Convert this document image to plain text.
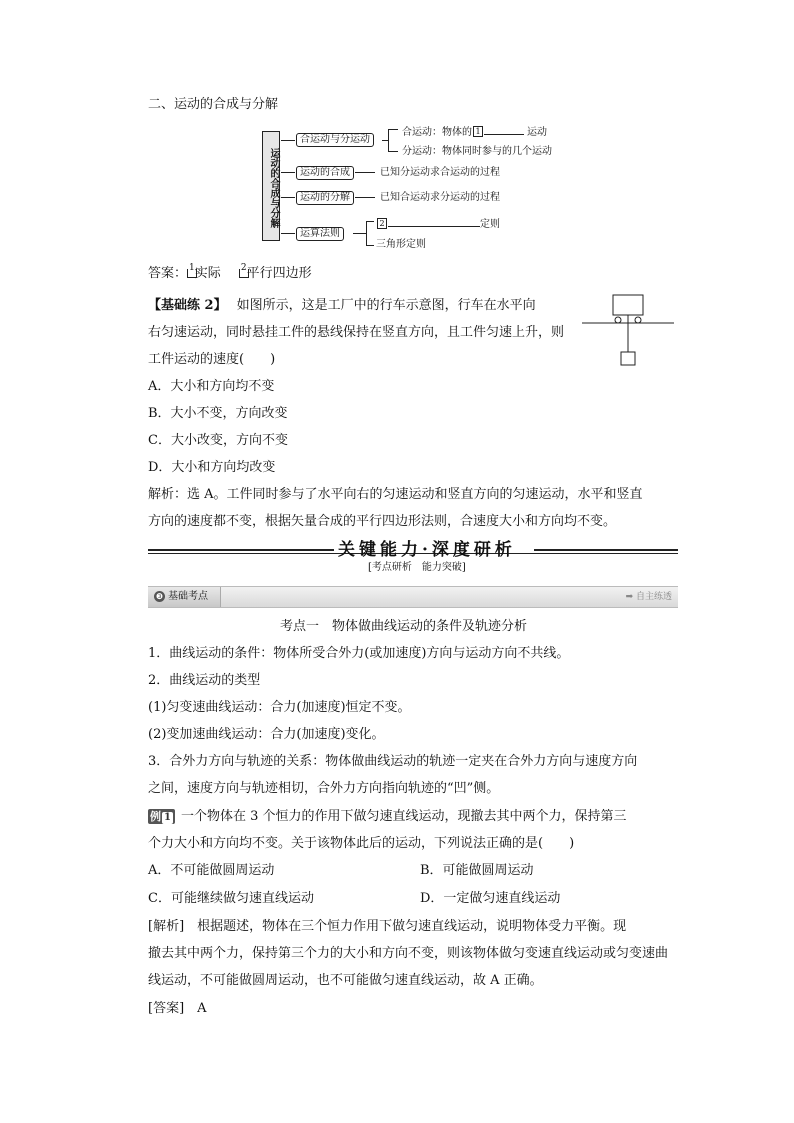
二、运动的合成与分解
运动的合成与分解
合运动与分运动
运动的合成
运动的分解
运算法则
合运动：物体的 1	运动
分运动：物体同时参与的几个运动
已知分运动求合运动的过程
已知合运动求分运动的过程
2	定则
三角形定则
答案： $^1$实际 $^2$平行四边形
【基础练 2】 如图所示，这是工厂中的行车示意图，行车在水平向
右匀速运动，同时悬挂工件的悬线保持在竖直方向，且工件匀速上升，则
工件运动的速度(　　)
A．大小和方向均不变
B．大小不变，方向改变
C．大小改变，方向不变
D．大小和方向均改变
解析：选 A。工件同时参与了水平向右的匀速运动和竖直方向的匀速运动，水平和竖直
方向的速度都不变，根据矢量合成的平行四边形法则，合速度大小和方向均不变。
关键能力·深度研析
[考点研析　能力突破]
❸ 基础考点	➡ 自主练透
考点一　物体做曲线运动的条件及轨迹分析
1．曲线运动的条件：物体所受合外力(或加速度)方向与运动方向不共线。
2．曲线运动的类型
(1)匀变速曲线运动：合力(加速度)恒定不变。
(2)变加速曲线运动：合力(加速度)变化。
3．合外力方向与轨迹的关系：物体做曲线运动的轨迹一定夹在合外力方向与速度方向
之间，速度方向与轨迹相切，合外力方向指向轨迹的“凹”侧。
例 1 一个物体在 3 个恒力的作用下做匀速直线运动，现撤去其中两个力，保持第三
个力大小和方向均不变。关于该物体此后的运动，下列说法正确的是(　　)
A．不可能做圆周运动	B．可能做圆周运动
C．可能继续做匀速直线运动	D．一定做匀速直线运动
[解析]　根据题述，物体在三个恒力作用下做匀速直线运动，说明物体受力平衡。现
撤去其中两个力，保持第三个力的大小和方向不变，则该物体做匀变速直线运动或匀变速曲
线运动，不可能做圆周运动，也不可能做匀速直线运动，故 A 正确。
[答案]　A
